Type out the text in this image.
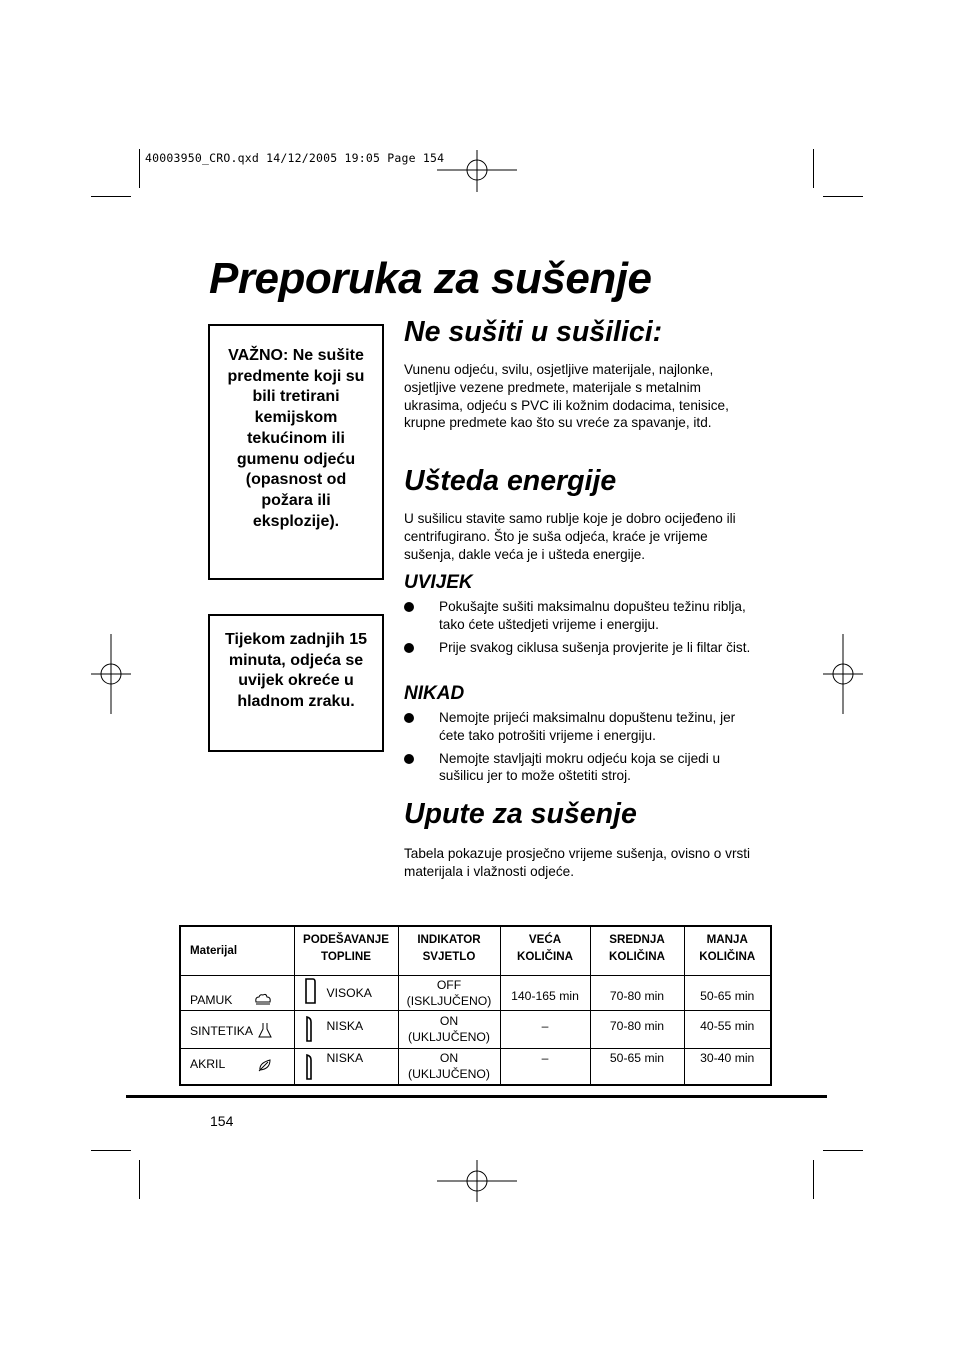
40003950_CRO.qxd 14/12/2005 19:05 Page 154
Preporuka za sušenje

VAŽNO: Ne sušite predmente koji su bili tretirani kemijskom tekućinom ili gumenu odjeću (opasnost od požara ili eksplozije).

Tijekom zadnjih 15 minuta, odjeća se uvijek okreće u hladnom zraku.

Ne sušiti u sušilici:

Vunenu odjeću, svilu, osjetljive materijale, najlonke, osjetljive vezene predmete, materijale s metalnim ukrasima, odjeću s PVC ili kožnim dodacima, tenisice, krupne predmete kao što su vreće za spavanje, itd.

Ušteda energije

U sušilicu stavite samo rublje koje je dobro ocijeđeno ili centrifugirano. Što je suša odjeća, kraće je vrijeme sušenja, dakle veća je i ušteda energije.

UVIJEK
Pokušajte sušiti maksimalnu dopušteu težinu riblja, tako ćete uštedjeti vrijeme i energiju.
Prije svakog ciklusa sušenja provjerite je li filtar čist.
NIKAD
Nemojte prijeći maksimalnu dopuštenu težinu, jer ćete tako potrošiti vrijeme i energiju.
Nemojte stavljajti mokru odjeću koja se cijedi u sušilicu jer to može oštetiti stroj.
Upute za sušenje

Tabela pokazuje prosječno vrijeme sušenja, ovisno o vrsti materijala i vlažnosti odjeće.

Materijal	PODEŠAVANJE TOPLINE	INDIKATOR SVJETLO	VEĆA KOLIČINA	SREDNJA KOLIČINA	MANJA KOLIČINA

PAMUK	VISOKA	OFF
(ISKLJUČENO)	140-165 min	70-80 min	50-65 min

SINTETIKA	NISKA	ON
(UKLJUČENO)	–	70-80 min	40-55 min

AKRIL	NISKA	ON
(UKLJUČENO)	–	50-65 min	30-40 min
154
